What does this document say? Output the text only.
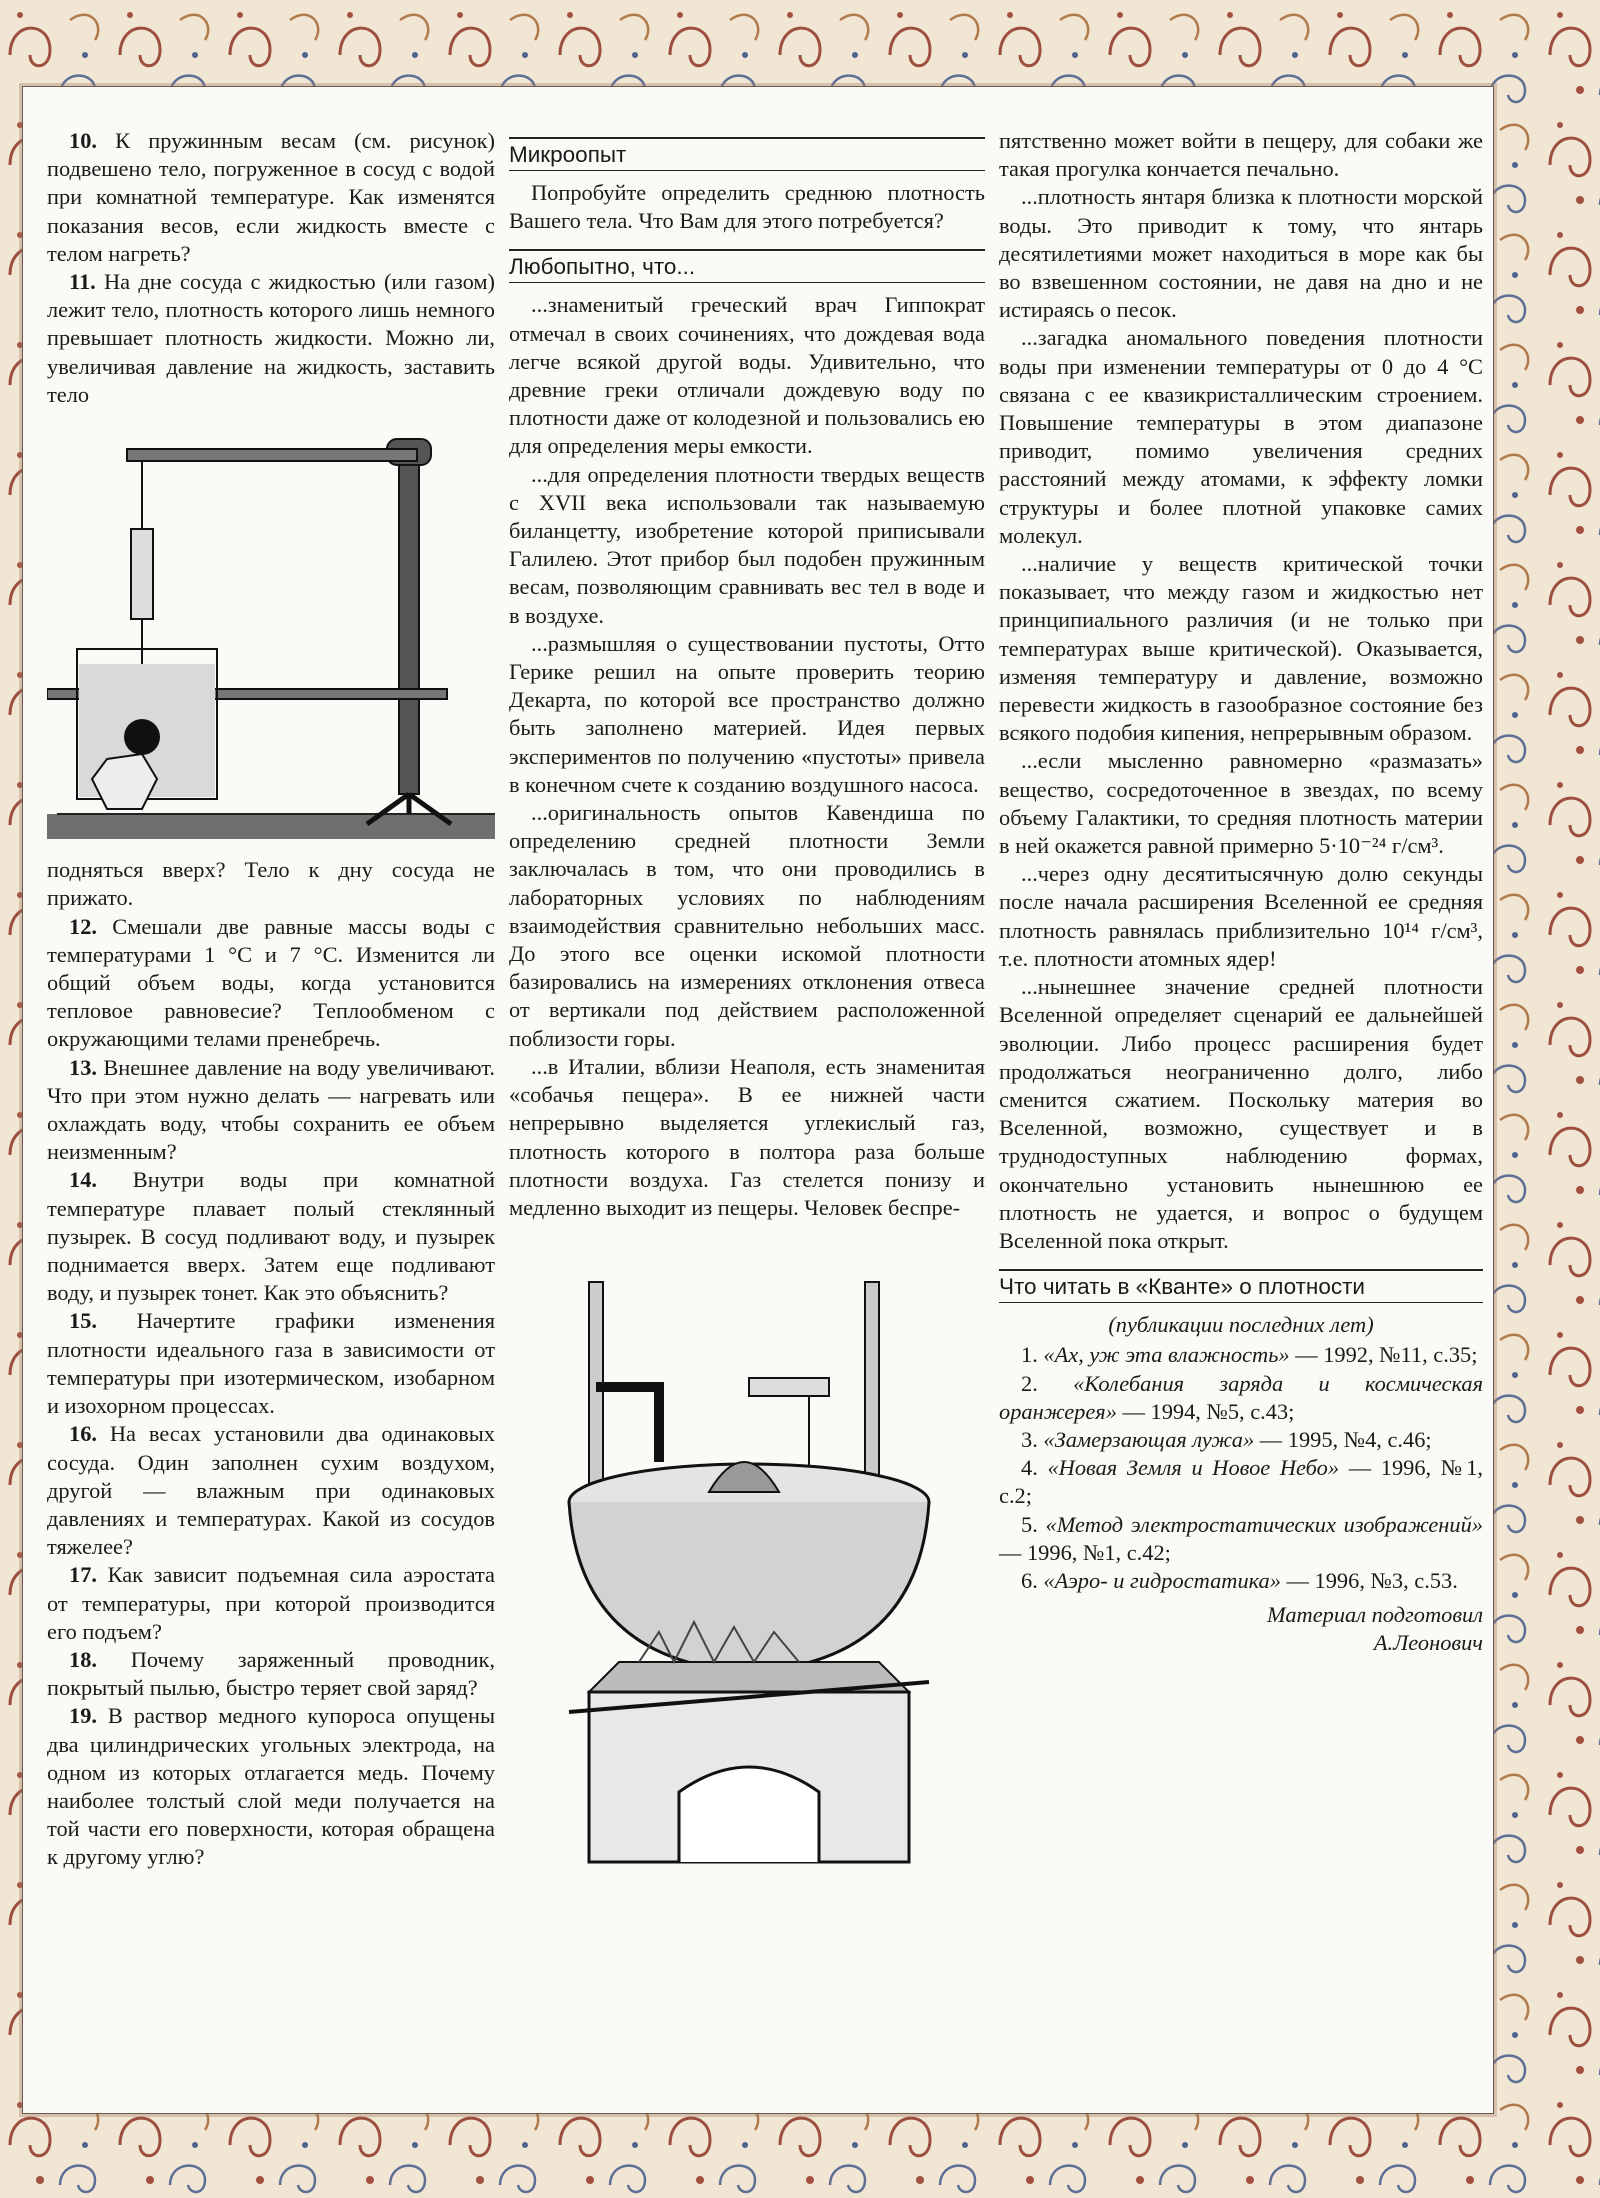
10. К пружинным весам (см. рисунок) подвешено тело, погруженное в сосуд с водой при комнатной температуре. Как изменятся показания весов, если жидкость вместе с телом нагреть?

11. На дне сосуда с жидкостью (или газом) лежит тело, плотность которого лишь немного превышает плотность жидкости. Можно ли, увеличивая давление на жидкость, заставить тело

подняться вверх? Тело к дну сосуда не прижато.

12. Смешали две равные массы воды с температурами 1 °С и 7 °С. Изменится ли общий объем воды, когда установится тепловое равновесие? Теплообменом с окружающими телами пренебречь.

13. Внешнее давление на воду увеличивают. Что при этом нужно делать — нагревать или охлаждать воду, чтобы сохранить ее объем неизменным?

14. Внутри воды при комнатной температуре плавает полый стеклянный пузырек. В сосуд подливают воду, и пузырек поднимается вверх. Затем еще подливают воду, и пузырек тонет. Как это объяснить?

15. Начертите графики изменения плотности идеального газа в зависимости от температуры при изотермическом, изобарном и изохорном процессах.

16. На весах установили два одинаковых сосуда. Один заполнен сухим воздухом, другой — влажным при одинаковых давлениях и температурах. Какой из сосудов тяжелее?

17. Как зависит подъемная сила аэростата от температуры, при которой производится его подъем?

18. Почему заряженный проводник, покрытый пылью, быстро теряет свой заряд?

19. В раствор медного купороса опущены два цилиндрических угольных электрода, на одном из которых отлагается медь. Почему наиболее толстый слой меди получается на той части его поверхности, которая обращена к другому углю?

Микроопыт

Попробуйте определить среднюю плотность Вашего тела. Что Вам для этого потребуется?

Любопытно, что...

...знаменитый греческий врач Гиппократ отмечал в своих сочинениях, что дождевая вода легче всякой другой воды. Удивительно, что древние греки отличали дождевую воду по плотности даже от колодезной и пользовались ею для определения меры емкости.

...для определения плотности твердых веществ с XVII века использовали так называемую биланцетту, изобретение которой приписывали Галилею. Этот прибор был подобен пружинным весам, позволяющим сравнивать вес тел в воде и в воздухе.

...размышляя о существовании пустоты, Отто Герике решил на опыте проверить теорию Декарта, по которой все пространство должно быть заполнено материей. Идея первых экспериментов по получению «пустоты» привела в конечном счете к созданию воздушного насоса.

...оригинальность опытов Кавендиша по определению средней плотности Земли заключалась в том, что они проводились в лабораторных условиях по наблюдениям взаимодействия сравнительно небольших масс. До этого все оценки искомой плотности базировались на измерениях отклонения отвеса от вертикали под действием расположенной поблизости горы.

...в Италии, вблизи Неаполя, есть знаменитая «собачья пещера». В ее нижней части непрерывно выделяется углекислый газ, плотность которого в полтора раза больше плотности воздуха. Газ стелется понизу и медленно выходит из пещеры. Человек беспре-

пятственно может войти в пещеру, для собаки же такая прогулка кончается печально.

...плотность янтаря близка к плотности морской воды. Это приводит к тому, что янтарь десятилетиями может находиться в море как бы во взвешенном состоянии, не давя на дно и не истираясь о песок.

...загадка аномального поведения плотности воды при изменении температуры от 0 до 4 °С связана с ее квазикристаллическим строением. Повышение температуры в этом диапазоне приводит, помимо увеличения средних расстояний между атомами, к эффекту ломки структуры и более плотной упаковке самих молекул.

...наличие у веществ критической точки показывает, что между газом и жидкостью нет принципиального различия (и не только при температурах выше критической). Оказывается, изменяя температуру и давление, возможно перевести жидкость в газообразное состояние без всякого подобия кипения, непрерывным образом.

...если мысленно равномерно «размазать» вещество, сосредоточенное в звездах, по всему объему Галактики, то средняя плотность материи в ней окажется равной примерно 5·10⁻²⁴ г/см³.

...через одну десятитысячную долю секунды после начала расширения Вселенной ее средняя плотность равнялась приблизительно 10¹⁴ г/см³, т.е. плотности атомных ядер!

...нынешнее значение средней плотности Вселенной определяет сценарий ее дальнейшей эволюции. Либо процесс расширения будет продолжаться неограниченно долго, либо сменится сжатием. Поскольку материя во Вселенной, возможно, существует и в труднодоступных наблюдению формах, окончательно установить нынешнюю ее плотность не удается, и вопрос о будущем Вселенной пока открыт.

Что читать в «Кванте» о плотности

(публикации последних лет)

1. «Ах, уж эта влажность» — 1992, №11, с.35;

2. «Колебания заряда и космическая оранжерея» — 1994, №5, с.43;

3. «Замерзающая лужа» — 1995, №4, с.46;

4. «Новая Земля и Новое Небо» — 1996, №1, с.2;

5. «Метод электростатических изображений» — 1996, №1, с.42;

6. «Аэро- и гидростатика» — 1996, №3, с.53.

Материал подготовил
А.Леонович
